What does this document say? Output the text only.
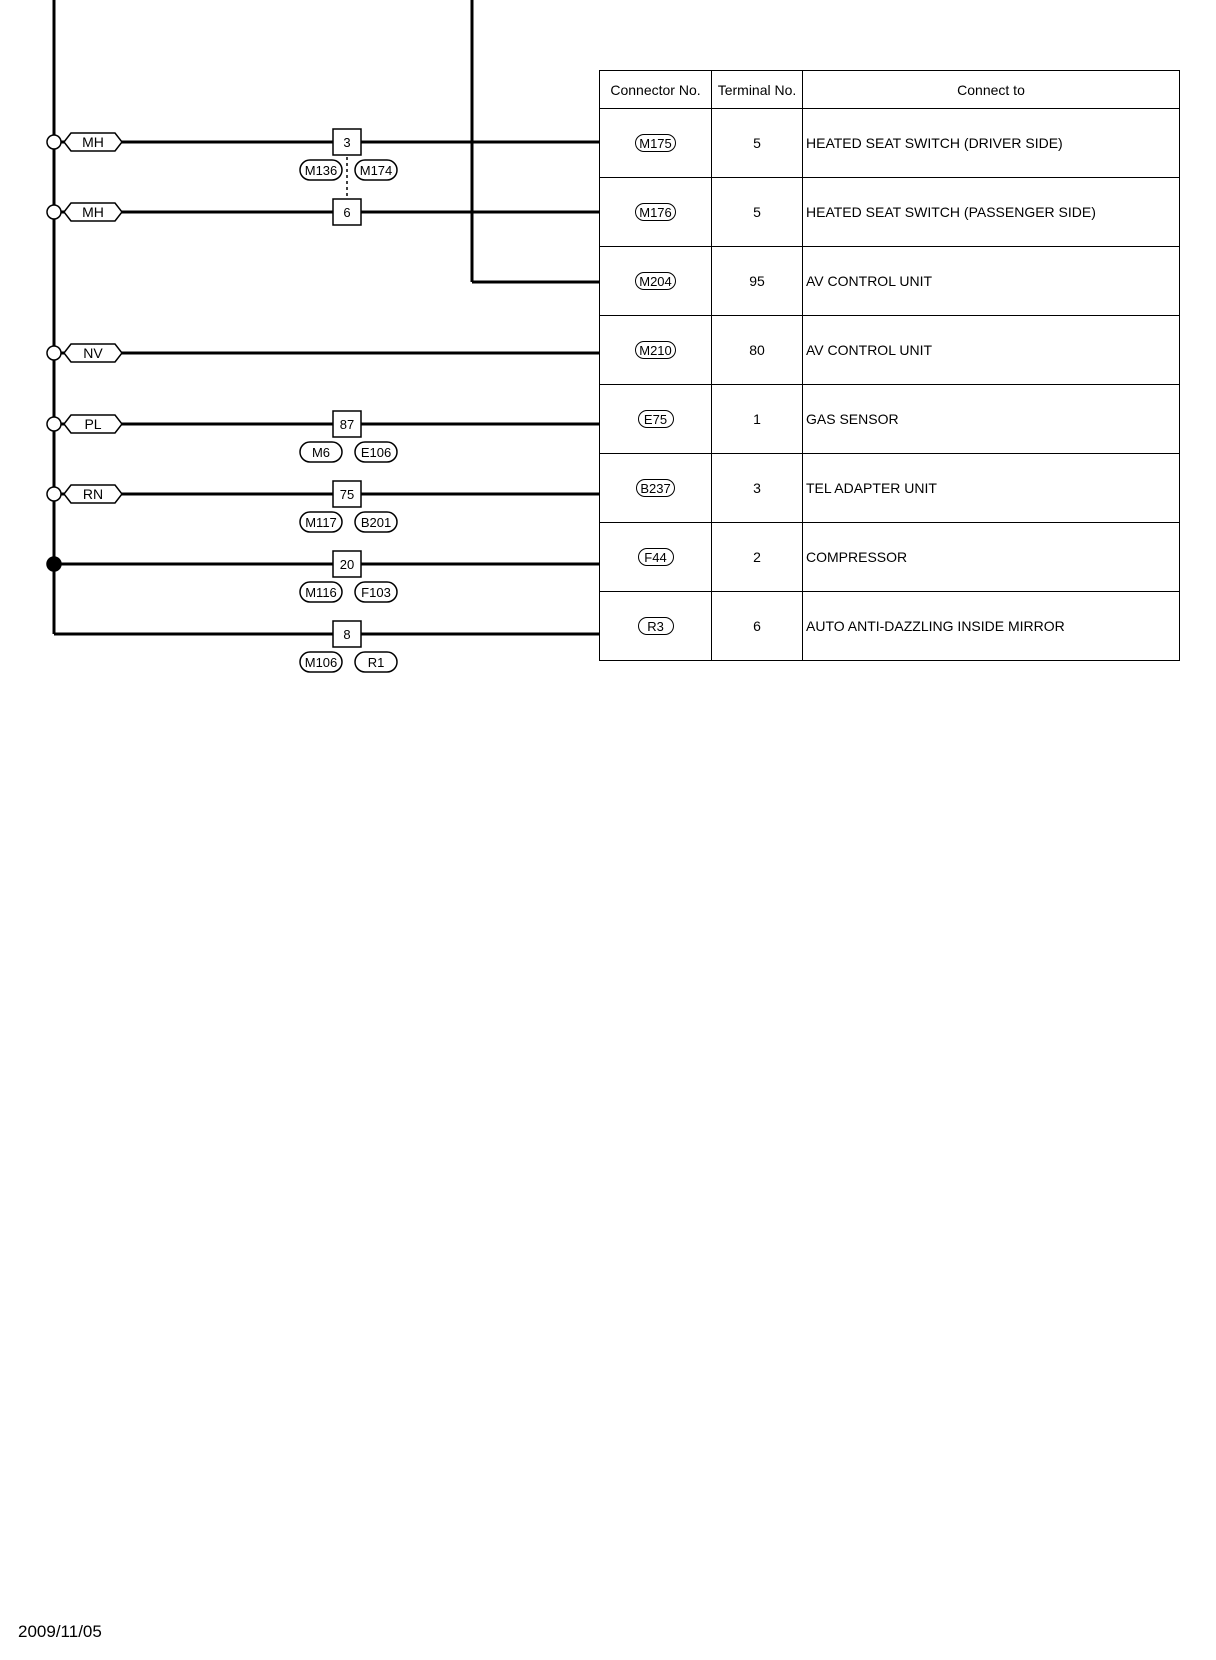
MH	3
M136 M174
MH	6
NV
PL	87
M6 E106
RN	75
M117 B201
20
M116 F103
8
M106 R1
Connector No.	Terminal No.	Connect to
M175	5	HEATED SEAT SWITCH (DRIVER SIDE)
M176	5	HEATED SEAT SWITCH (PASSENGER SIDE)
M204	95	AV CONTROL UNIT
M210	80	AV CONTROL UNIT
E75	1	GAS SENSOR
B237	3	TEL ADAPTER UNIT
F44	2	COMPRESSOR
R3	6	AUTO ANTI-DAZZLING INSIDE MIRROR
2009/11/05
